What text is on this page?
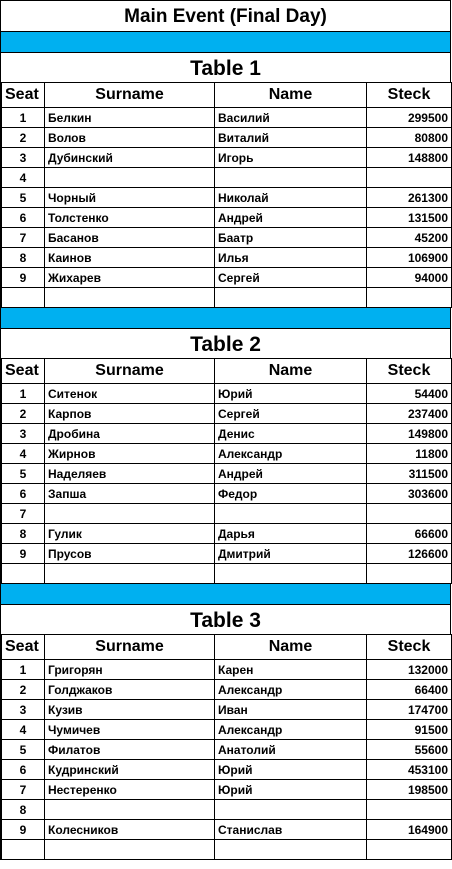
Main Event (Final Day)
Table 1
Seat	Surname	Name	Steck
1	Белкин	Василий	299500
2	Волов	Виталий	80800
3	Дубинский	Игорь	148800
4			
5	Чорный	Николай	261300
6	Толстенко	Андрей	131500
7	Басанов	Баатр	45200
8	Каинов	Илья	106900
9	Жихарев	Сергей	94000

Table 2
Seat	Surname	Name	Steck
1	Ситенок	Юрий	54400
2	Карпов	Сергей	237400
3	Дробина	Денис	149800
4	Жирнов	Александр	11800
5	Наделяев	Андрей	311500
6	Запша	Федор	303600
7			
8	Гулик	Дарья	66600
9	Прусов	Дмитрий	126600

Table 3
Seat	Surname	Name	Steck
1	Григорян	Карен	132000
2	Голджаков	Александр	66400
3	Кузив	Иван	174700
4	Чумичев	Александр	91500
5	Филатов	Анатолий	55600
6	Кудринский	Юрий	453100
7	Нестеренко	Юрий	198500
8			
9	Колесников	Станислав	164900
